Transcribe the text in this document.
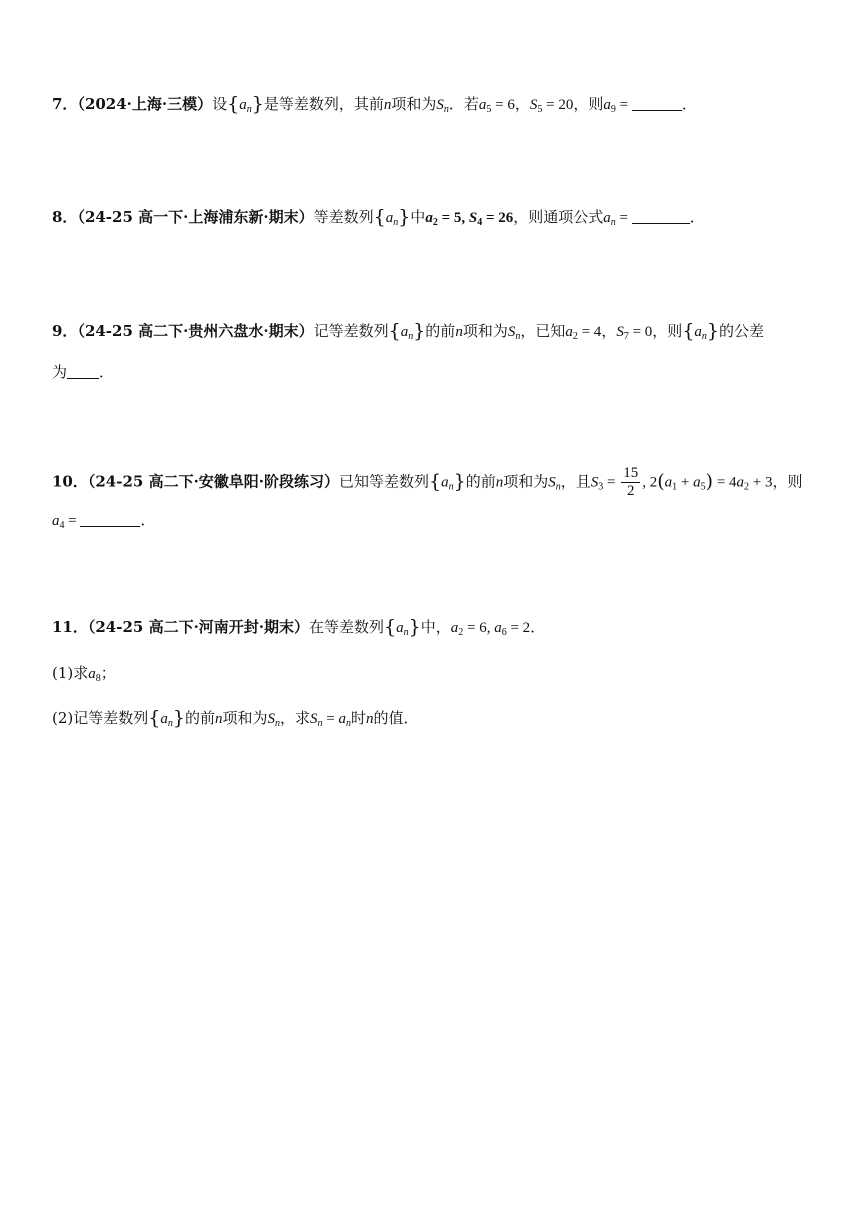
7．（2024·上海·三模）设$\{a_n\}$是等差数列，其前n项和为$S_n$．若$a_5 = 6$，$S_5 = 20$，则$a_9$ =	．
8．（24-25 高一下·上海浦东新·期末）等差数列$\{a_n\}$中$a_2 = 5$, $S_4 = 26$，则通项公式$a_n$ =	．
9．（24-25 高二下·贵州六盘水·期末）记等差数列$\{a_n\}$的前n项和为$S_n$，已知$a_2 = 4$，$S_7 = 0$，则$\{a_n\}$的公差
为 ．
10．（24-25 高二下·安徽阜阳·阶段练习）已知等差数列$\{a_n\}$的前n项和为$S_n$，且$S_3 = \frac{15}{2}$ , $2(a_1 + a_5) = 4a_2 + 3$，则
$a_4$ =	．
11．（24-25 高二下·河南开封·期末）在等差数列$\{a_n\}$中，$a_2 = 6$, $a_6 = 2$．
(1)求$a_8$；
(2)记等差数列$\{a_n\}$的前n项和为$S_n$，求$S_n = a_n$时n的值．
